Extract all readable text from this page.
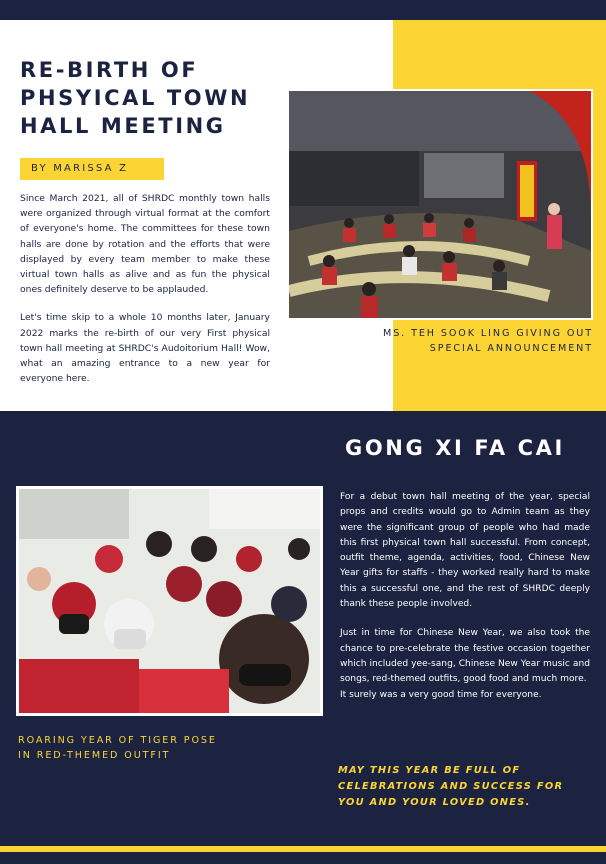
RE-BIRTH OF
PHSYICAL TOWN
HALL MEETING
BY MARISSA Z

Since March 2021, all of SHRDC monthly town halls were organized through virtual format at the comfort of everyone's home. The committees for these town halls are done by rotation and the efforts that were displayed by every team member to make these virtual town halls as alive and as fun the physical ones definitely deserve to be applauded.

Let's time skip to a whole 10 months later, January 2022 marks the re-birth of our very First physical town hall meeting at SHRDC's Audoitorium Hall! Wow, what an amazing entrance to a new year for everyone here.

MS. TEH SOOK LING GIVING OUT
SPECIAL ANNOUNCEMENT
GONG XI FA CAI

For a debut town hall meeting of the year, special props and credits would go to Admin team as they were the significant group of people who had made this first physical town hall successful. From concept, outfit theme, agenda, activities, food, Chinese New Year gifts for staffs - they worked really hard to make this a successful one, and the rest of SHRDC deeply thank these people involved.

Just in time for Chinese New Year, we also took the chance to pre-celebrate the festive occasion together which included yee-sang, Chinese New Year music and songs, red-themed outfits, good food and much more.

It surely was a very good time for everyone.

ROARING YEAR OF TIGER POSE
IN RED-THEMED OUTFIT
MAY THIS YEAR BE FULL OF
CELEBRATIONS AND SUCCESS FOR
YOU AND YOUR LOVED ONES.
